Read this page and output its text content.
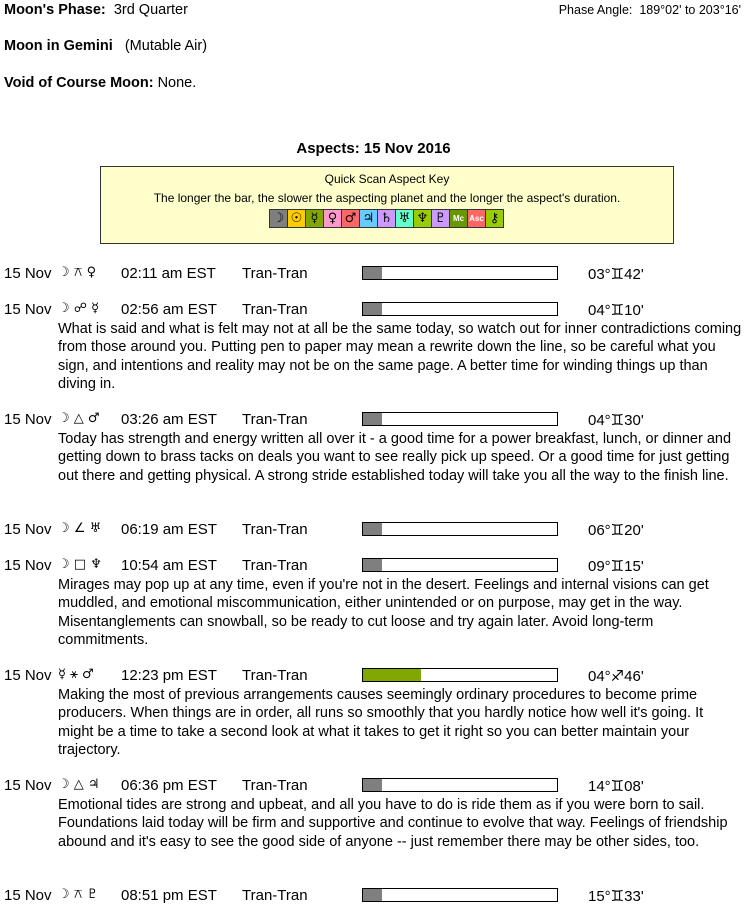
Moon's Phase: 3rd Quarter	Phase Angle: 189°02' to 203°16'
Moon in Gemini (Mutable Air)
Void of Course Moon: None.
Aspects: 15 Nov 2016
Quick Scan Aspect Key
The longer the bar, the slower the aspecting planet and the longer the aspect's duration.
☽ ☉ ☿ ♀ ♂ ♃ ♄ ♅ ♆ ♇ Mc Asc ⚷
15 Nov ☽ ⚻ ♀ 02:11 am EST Tran-Tran	03°♊42'
15 Nov ☽ ☍ ☿ 02:56 am EST Tran-Tran	04°♊10'
What is said and what is felt may not at all be the same today, so watch out for inner contradictions coming from those around you. Putting pen to paper may mean a rewrite down the line, so be careful what you sign, and intentions and reality may not be on the same page. A better time for winding things up than diving in.
15 Nov ☽ △ ♂ 03:26 am EST Tran-Tran	04°♊30'
Today has strength and energy written all over it - a good time for a power breakfast, lunch, or dinner and getting down to brass tacks on deals you want to see really pick up speed. Or a good time for just getting out there and getting physical. A strong stride established today will take you all the way to the finish line.
15 Nov ☽ ∠ ♅ 06:19 am EST Tran-Tran	06°♊20'
15 Nov ☽ □ ♆ 10:54 am EST Tran-Tran	09°♊15'
Mirages may pop up at any time, even if you're not in the desert. Feelings and internal visions can get muddled, and emotional miscommunication, either unintended or on purpose, may get in the way. Misentanglements can snowball, so be ready to cut loose and try again later. Avoid long-term commitments.
15 Nov ☿ ⚹ ♂ 12:23 pm EST Tran-Tran	04°♐46'
Making the most of previous arrangements causes seemingly ordinary procedures to become prime producers. When things are in order, all runs so smoothly that you hardly notice how well it's going. It might be a time to take a second look at what it takes to get it right so you can better maintain your trajectory.
15 Nov ☽ △ ♃ 06:36 pm EST Tran-Tran	14°♊08'
Emotional tides are strong and upbeat, and all you have to do is ride them as if you were born to sail. Foundations laid today will be firm and supportive and continue to evolve that way. Feelings of friendship abound and it's easy to see the good side of anyone -- just remember there may be other sides, too.
15 Nov ☽ ⚻ ♇ 08:51 pm EST Tran-Tran	15°♊33'
